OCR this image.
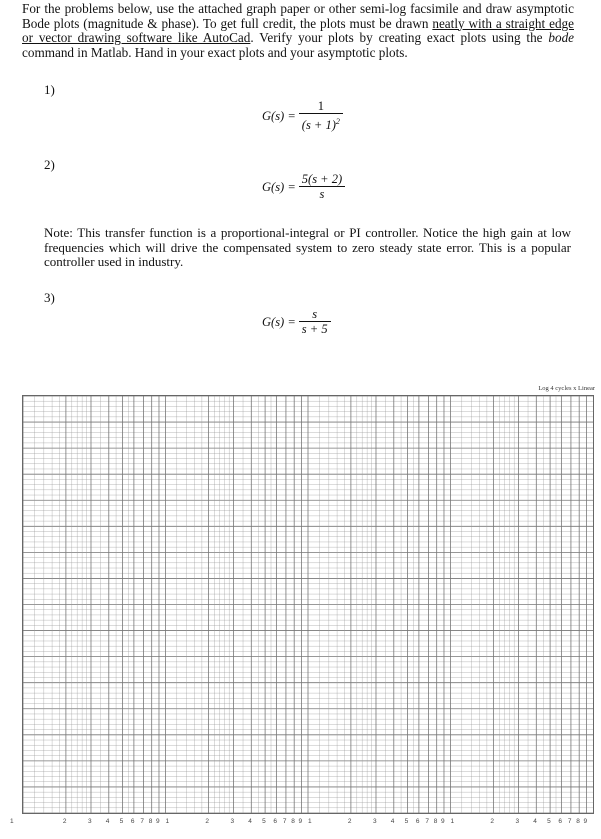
For the problems below, use the attached graph paper or other semi-log facsimile and draw asymptotic Bode plots (magnitude & phase). To get full credit, the plots must be drawn neatly with a straight edge or vector drawing software like AutoCad. Verify your plots by creating exact plots using the bode command in Matlab. Hand in your exact plots and your asymptotic plots.
1)
$G(s) = \frac{1}{(s + 1)^2}$
2)
$G(s) = \frac{5(s + 2)}{s}$
Note: This transfer function is a proportional-integral or PI controller. Notice the high gain at low frequencies which will drive the compensated system to zero steady state error. This is a popular controller used in industry.
3)
$G(s) = \frac{s}{s + 5}$
Log 4 cycles x Linear
1	2	3 4 5 6 7 8 9 1	2	3 4 5 6 7 8 9 1	2	3 4 5 6 7 8 9 1	2	3 4 5 6 7 8 9
